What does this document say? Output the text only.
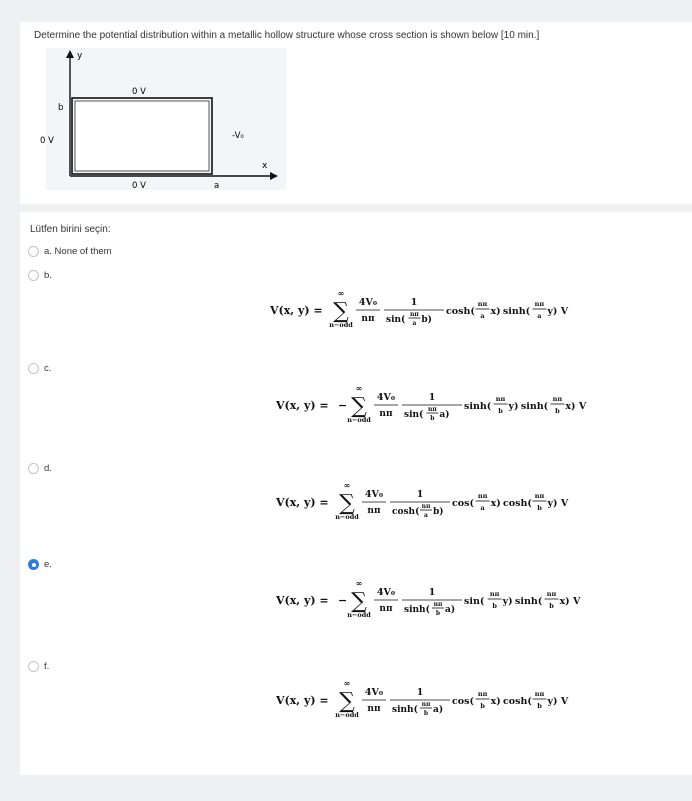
Determine the potential distribution within a metallic hollow structure whose cross section is shown below [10 min.]
y
x
0 V
0 V
0 V	-V₀
b
a
Lütfen birini seçin:
a. None of them
b.
V(x, y) =
∞
∑
n−odd
4V₀
nπ
1
sin(
nπ
a b)
cosh(
nπ
a x) sinh(
nπ
a y) V
c.
V(x, y) = −
∞
∑
n−odd
4V₀
nπ
1
sin(
nπ
b a)
sinh(
nπ
b y) sinh(
nπ
b x) V
d.
V(x, y) =
∞
∑
n−odd
4V₀
nπ
1
cosh(
nπ
a b)
cos(
nπ
a x) cosh(
nπ
b y) V
e.
V(x, y) = −
∞
∑
n−odd
4V₀
nπ
1
sinh(
nπ
b a)
sin(
nπ
b y) sinh(
nπ
b x) V
f.
V(x, y) =
∞
∑
n−odd
4V₀
nπ
1
sinh(
nπ
b a)
cos(
nπ
b x) cosh(
nπ
b y) V
